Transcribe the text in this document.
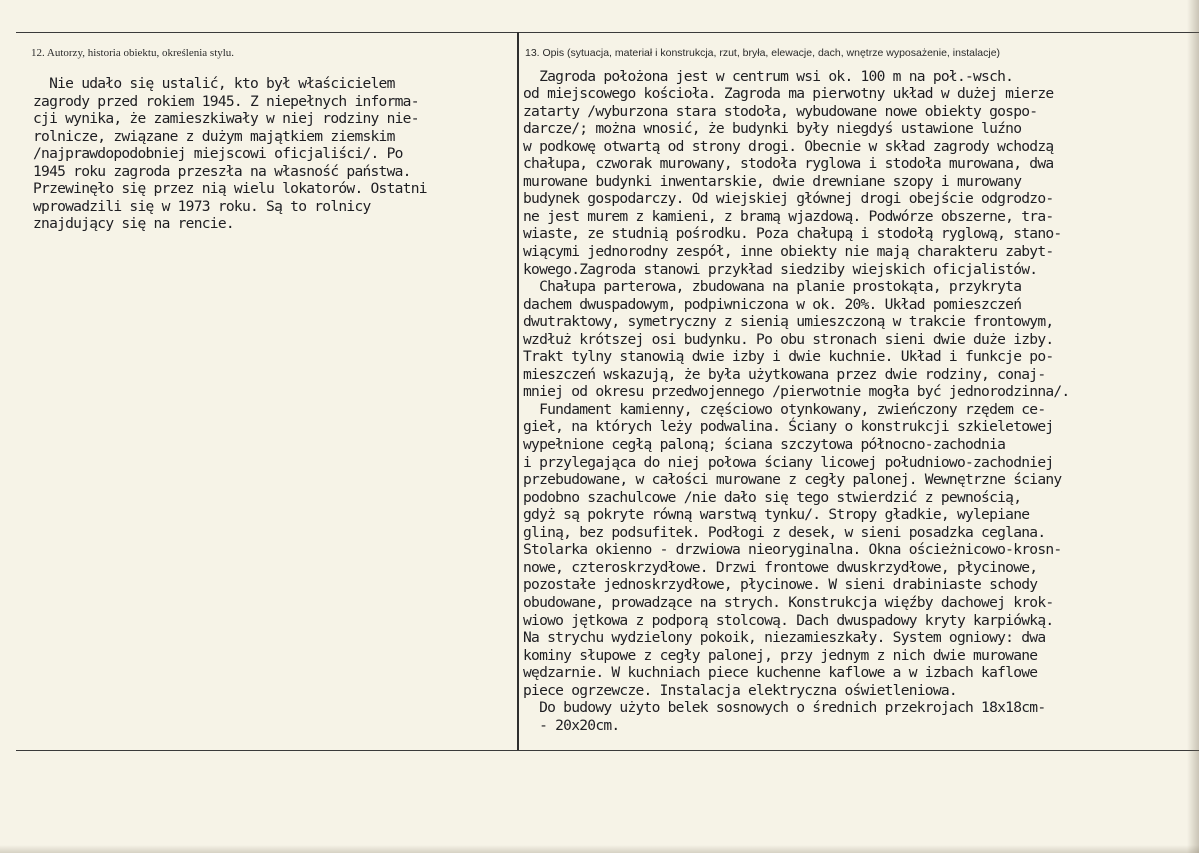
12. Autorzy, historia obiektu, określenia stylu.	13. Opis (sytuacja, materiał i konstrukcja, rzut, bryła, elewacje, dach, wnętrze wyposażenie, instalacje)
Nie udało się ustalić, kto był właścicielem
zagrody przed rokiem 1945. Z niepełnych informa-
cji wynika, że zamieszkiwały w niej rodziny nie-
rolnicze, związane z dużym majątkiem ziemskim
/najprawdopodobniej miejscowi oficjaliści/. Po
1945 roku zagroda przeszła na własność państwa.
Przewinęło się przez nią wielu lokatorów. Ostatni
wprowadzili się w 1973 roku. Są to rolnicy
znajdujący się na rencie.
Zagroda położona jest w centrum wsi ok. 100 m na poł.-wsch.
od miejscowego kościoła. Zagroda ma pierwotny układ w dużej mierze
zatarty /wyburzona stara stodoła, wybudowane nowe obiekty gospo-
darcze/; można wnosić, że budynki były niegdyś ustawione luźno
w podkowę otwartą od strony drogi. Obecnie w skład zagrody wchodzą
chałupa, czworak murowany, stodoła ryglowa i stodoła murowana, dwa
murowane budynki inwentarskie, dwie drewniane szopy i murowany
budynek gospodarczy. Od wiejskiej głównej drogi obejście odgrodzo-
ne jest murem z kamieni, z bramą wjazdową. Podwórze obszerne, tra-
wiaste, ze studnią pośrodku. Poza chałupą i stodołą ryglową, stano-
wiącymi jednorodny zespół, inne obiekty nie mają charakteru zabyt-
kowego.Zagroda stanowi przykład siedziby wiejskich oficjalistów.
Chałupa parterowa, zbudowana na planie prostokąta, przykryta
dachem dwuspadowym, podpiwniczona w ok. 20%. Układ pomieszczeń
dwutraktowy, symetryczny z sienią umieszczoną w trakcie frontowym,
wzdłuż krótszej osi budynku. Po obu stronach sieni dwie duże izby.
Trakt tylny stanowią dwie izby i dwie kuchnie. Układ i funkcje po-
mieszczeń wskazują, że była użytkowana przez dwie rodziny, conaj-
mniej od okresu przedwojennego /pierwotnie mogła być jednorodzinna/.
Fundament kamienny, częściowo otynkowany, zwieńczony rzędem ce-
gieł, na których leży podwalina. Ściany o konstrukcji szkieletowej
wypełnione cegłą paloną; ściana szczytowa północno-zachodnia
i przylegająca do niej połowa ściany licowej południowo-zachodniej
przebudowane, w całości murowane z cegły palonej. Wewnętrzne ściany
podobno szachulcowe /nie dało się tego stwierdzić z pewnością,
gdyż są pokryte równą warstwą tynku/. Stropy gładkie, wylepiane
gliną, bez podsufitek. Podłogi z desek, w sieni posadzka ceglana.
Stolarka okienno - drzwiowa nieoryginalna. Okna ościeżnicowo-krosn-
nowe, czteroskrzydłowe. Drzwi frontowe dwuskrzydłowe, płycinowe,
pozostałe jednoskrzydłowe, płycinowe. W sieni drabiniaste schody
obudowane, prowadzące na strych. Konstrukcja więźby dachowej krok-
wiowo jętkowa z podporą stolcową. Dach dwuspadowy kryty karpiówką.
Na strychu wydzielony pokoik, niezamieszkały. System ogniowy: dwa
kominy słupowe z cegły palonej, przy jednym z nich dwie murowane
wędzarnie. W kuchniach piece kuchenne kaflowe a w izbach kaflowe
piece ogrzewcze. Instalacja elektryczna oświetleniowa.
Do budowy użyto belek sosnowych o średnich przekrojach 18x18cm-
- 20x20cm.
